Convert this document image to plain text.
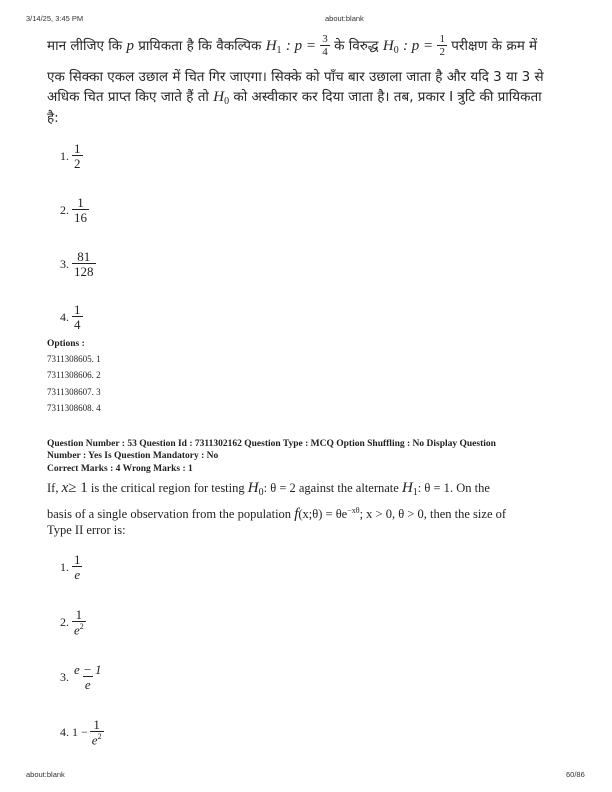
3/14/25, 3:45 PM	about:blank
मान लीजिए कि p प्रायिकता है कि वैकल्पिक $H_1$ : $p = \frac{3}{4}$ के विरुद्ध $H_0$ : $p = \frac{1}{2}$ परीक्षण के क्रम में
एक सिक्का एकल उछाल में चित गिर जाएगा। सिक्के को पाँच बार उछाला जाता है और यदि 3 या 3 से
अधिक चित प्राप्त किए जाते हैं तो $H_0$ को अस्वीकार कर दिया जाता है। तब, प्रकार I त्रुटि की प्रायिकता
है:
1. $\frac{1}{2}$
2. $\frac{1}{16}$
3. $\frac{81}{128}$
4. $\frac{1}{4}$
Options :
7311308605. 1
7311308606. 2
7311308607. 3
7311308608. 4
Question Number : 53 Question Id : 7311302162 Question Type : MCQ Option Shuffling : No Display Question
Number : Yes Is Question Mandatory : No
Correct Marks : 4 Wrong Marks : 1
If, x≥ 1 is the critical region for testing $H_0$: θ = 2 against the alternate $H_1$: θ = 1. On the
basis of a single observation from the population f(x;θ) = $\theta e^{-x\theta}$; x > 0, θ > 0, then the size of
Type II error is:
1. $\frac{1}{e}$
2. $\frac{1}{e^2}$
3. $\frac{e - 1}{e}$
4. $1 - \frac{1}{e^2}$
about:blank	60/86
